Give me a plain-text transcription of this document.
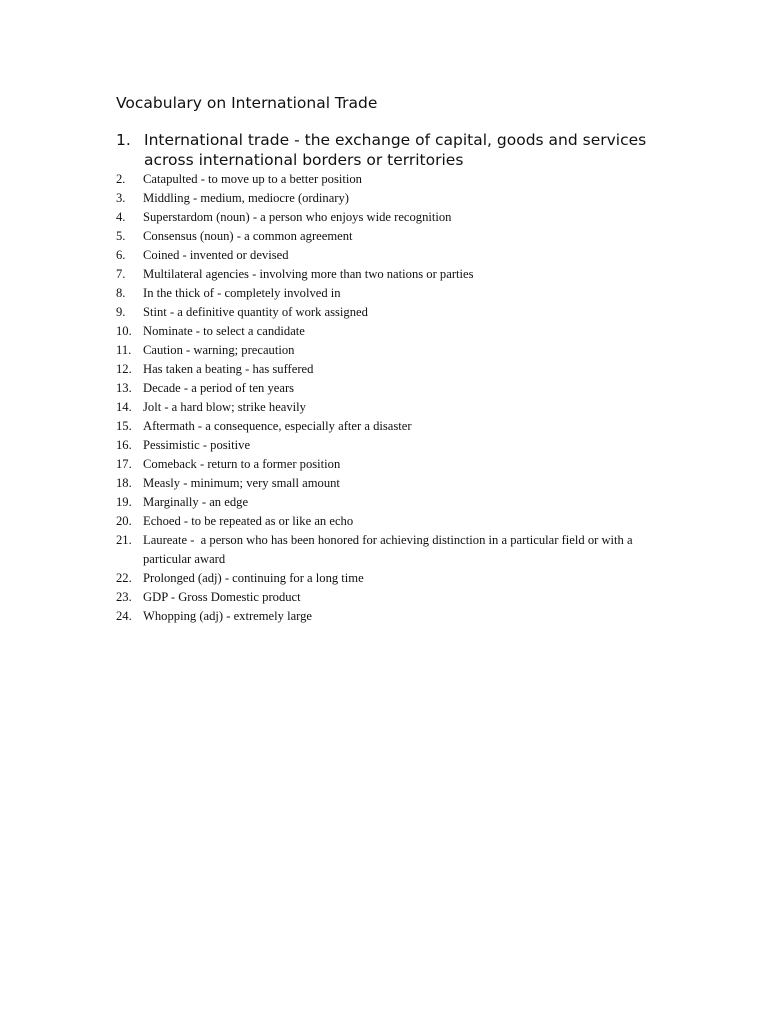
Vocabulary on International Trade
1. International trade - the exchange of capital, goods and services across international borders or territories
2.	Catapulted - to move up to a better position
3.	Middling - medium, mediocre (ordinary)
4.	Superstardom (noun) - a person who enjoys wide recognition
5.	Consensus (noun) - a common agreement
6.	Coined - invented or devised
7.	Multilateral agencies - involving more than two nations or parties
8.	In the thick of - completely involved in
9.	Stint - a definitive quantity of work assigned
10. Nominate - to select a candidate
11. Caution - warning; precaution
12. Has taken a beating - has suffered
13. Decade - a period of ten years
14. Jolt - a hard blow; strike heavily
15. Aftermath - a consequence, especially after a disaster
16. Pessimistic - positive
17. Comeback - return to a former position
18. Measly - minimum; very small amount
19. Marginally - an edge
20. Echoed - to be repeated as or like an echo
21. Laureate -  a person who has been honored for achieving distinction in a particular field or with a particular award
22. Prolonged (adj) - continuing for a long time
23. GDP - Gross Domestic product
24. Whopping (adj) - extremely large
